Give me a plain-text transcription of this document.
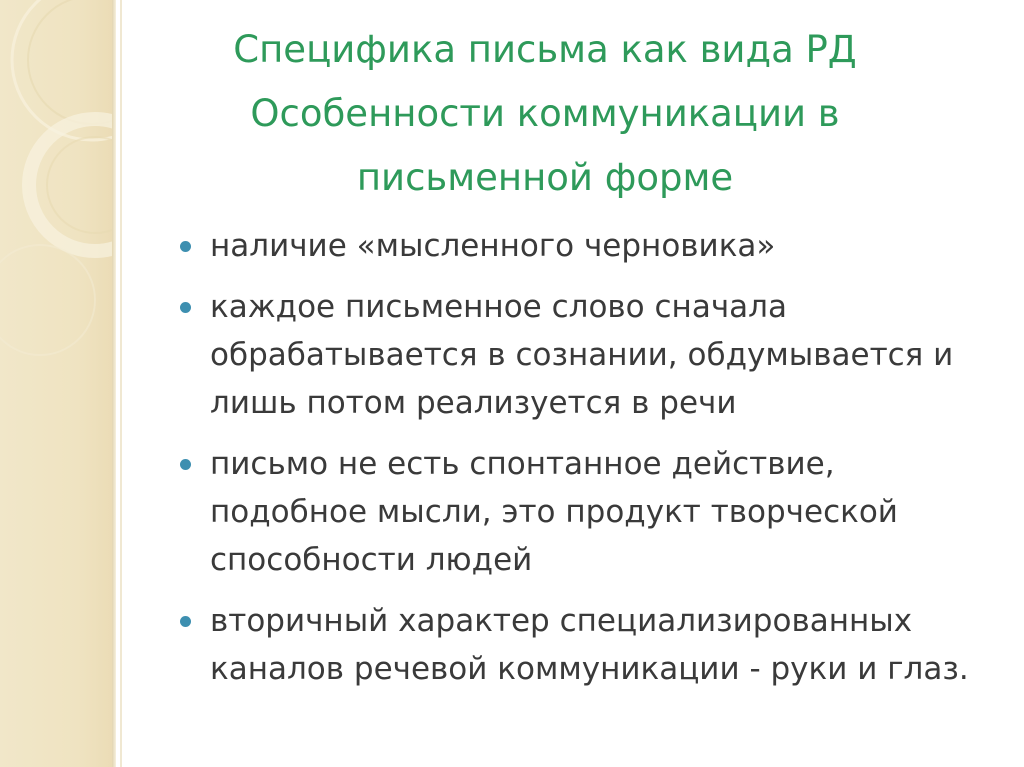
Специфика письма как вида РД
Особенности коммуникации в
письменной форме
наличие «мысленного черновика»
каждое письменное слово сначала обрабатывается в сознании, обдумывается и лишь потом реализуется в речи
письмо не есть спонтанное действие, подобное мысли, это продукт творческой способности людей
вторичный характер специализированных каналов речевой коммуникации - руки и глаз.
